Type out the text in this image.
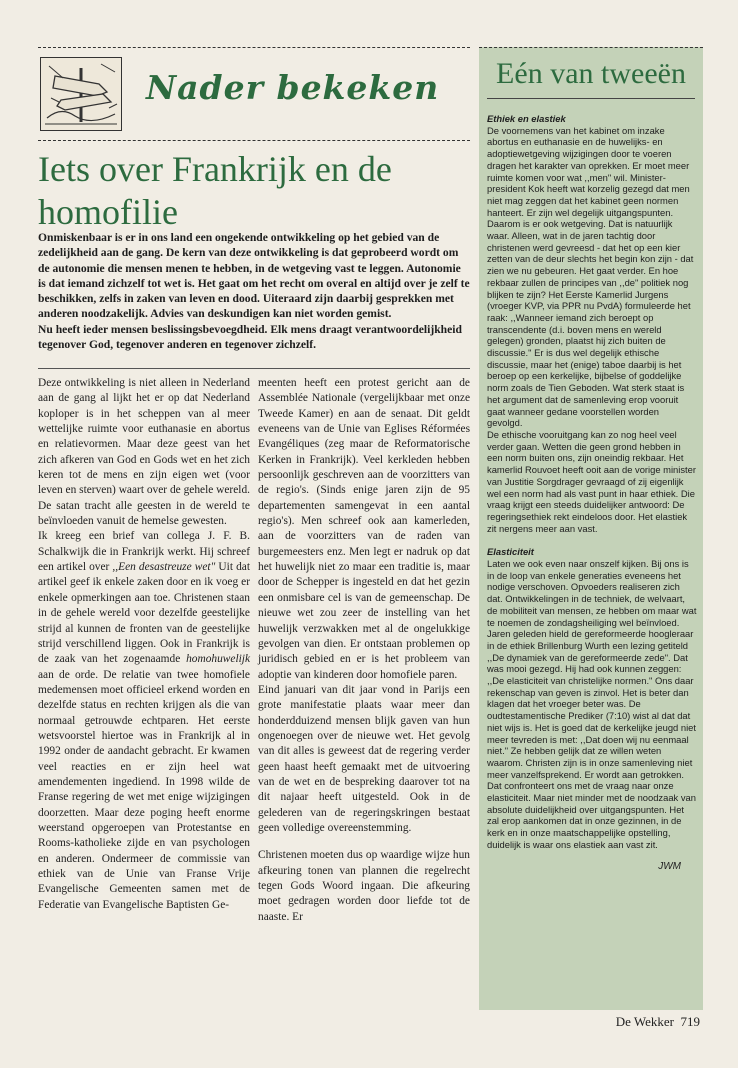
Nader bekeken
Iets over Frankrijk en de homofilie
Onmiskenbaar is er in ons land een ongekende ontwikkeling op het gebied van de zedelijkheid aan de gang. De kern van deze ontwikkeling is dat geprobeerd wordt om de autonomie die mensen menen te hebben, in de wetgeving vast te leggen. Autonomie is dat iemand zichzelf tot wet is. Het gaat om het recht om overal en altijd over je zelf te beschikken, zelfs in zaken van leven en dood. Uiteraard zijn daarbij gesprekken met anderen noodzakelijk. Advies van deskundigen kan niet worden gemist.
Nu heeft ieder mensen beslissingsbevoegdheid. Elk mens draagt verantwoordelijkheid tegenover God, tegenover anderen en tegenover zichzelf.

Deze ontwikkeling is niet alleen in Nederland aan de gang al lijkt het er op dat Nederland koploper is in het scheppen van al meer wettelijke ruimte voor euthanasie en abortus en relatievormen. Maar deze geest van het zich afkeren van God en Gods wet en het zich keren tot de mens en zijn eigen wet (voor leven en sterven) waart over de gehele wereld. De satan tracht alle geesten in de wereld te beïnvloeden vanuit de hemelse gewesten.

Ik kreeg een brief van collega J. F. B. Schalkwijk die in Frankrijk werkt. Hij schreef een artikel over ,,Een desastreuze wet" Uit dat artikel geef ik enkele zaken door en ik voeg er enkele opmerkingen aan toe. Christenen staan in de gehele wereld voor dezelfde geestelijke strijd al kunnen de fronten van de geestelijke strijd verschillend liggen. Ook in Frankrijk is de zaak van het zogenaamde homohuwelijk aan de orde. De relatie van twee homofiele medemensen moet officieel erkend worden en dezelfde status en rechten krijgen als die van normaal getrouwde echtparen. Het eerste wetsvoorstel hiertoe was in Frankrijk al in 1992 onder de aandacht gebracht. Er kwamen veel reacties en er zijn heel wat amendementen ingediend. In 1998 wilde de Franse regering de wet met enige wijzigingen doorzetten. Maar deze poging heeft enorme weerstand opgeroepen van Protestantse en Rooms-katholieke zijde en van psychologen en anderen. Ondermeer de commissie van ethiek van de Unie van Franse Vrije Evangelische Gemeenten samen met de Federatie van Evangelische Baptisten Ge-

meenten heeft een protest gericht aan de Assemblée Nationale (vergelijkbaar met onze Tweede Kamer) en aan de senaat. Dit geldt eveneens van de Unie van Eglises Réformées Evangéliques (zeg maar de Reformatorische Kerken in Frankrijk). Veel kerkleden hebben persoonlijk geschreven aan de voorzitters van de regio's. (Sinds enige jaren zijn de 95 departementen samengevat in een aantal regio's). Men schreef ook aan kamerleden, aan de voorzitters van de raden van burgemeesters enz. Men legt er nadruk op dat het huwelijk niet zo maar een traditie is, maar door de Schepper is ingesteld en dat het gezin een onmisbare cel is van de gemeenschap. De nieuwe wet zou zeer de instelling van het huwelijk verzwakken met al de ongelukkige gevolgen van dien. Er ontstaan problemen op juridisch gebied en er is het probleem van adoptie van kinderen door homofiele paren.

Eind januari van dit jaar vond in Parijs een grote manifestatie plaats waar meer dan honderdduizend mensen blijk gaven van hun ongenoegen over de nieuwe wet. Het gevolg van dit alles is geweest dat de regering verder geen haast heeft gemaakt met de uitvoering van de wet en de bespreking daarover tot na dit najaar heeft uitgesteld. Ook in de gelederen van de regeringskringen bestaat geen volledige overeenstemming.

Christenen moeten dus op waardige wijze hun afkeuring tonen van plannen die regelrecht tegen Gods Woord ingaan. Die afkeuring moet gedragen worden door liefde tot de naaste. Er

Eén van tweeën
Ethiek en elastiek

De voornemens van het kabinet om inzake abortus en euthanasie en de huwelijks- en adoptiewetgeving wijzigingen door te voeren dragen het karakter van oprekken. Er moet meer ruimte komen voor wat ,,men" wil. Minister-president Kok heeft wat korzelig gezegd dat men niet mag zeggen dat het kabinet geen normen hanteert. Er zijn wel degelijk uitgangspunten. Daarom is er ook wetgeving. Dat is natuurlijk waar. Alleen, wat in de jaren tachtig door christenen werd gevreesd - dat het op een kier zetten van de deur slechts het begin kon zijn - dat zien we nu gebeuren. Het gaat verder. En hoe rekbaar zullen de principes van ,,de" politiek nog blijken te zijn? Het Eerste Kamerlid Jurgens (vroeger KVP, via PPR nu PvdA) formuleerde het raak: ,,Wanneer iemand zich beroept op transcendente (d.i. boven mens en wereld gelegen) gronden, plaatst hij zich buiten de discussie." Er is dus wel degelijk ethische discussie, maar het (enige) taboe daarbij is het beroep op een kerkelijke, bijbelse of goddelijke norm zoals de Tien Geboden. Wat sterk staat is het argument dat de samenleving erop vooruit gaat wanneer gedane voorstellen worden gevolgd.

De ethische vooruitgang kan zo nog heel veel verder gaan. Wetten die geen grond hebben in een norm buiten ons, zijn oneindig rekbaar. Het kamerlid Rouvoet heeft ooit aan de vorige minister van Justitie Sorgdrager gevraagd of zij eigenlijk wel een norm had als vast punt in haar ethiek. Die vraag krijgt een steeds duidelijker antwoord: De regeringsethiek rekt eindeloos door. Het elastiek zit nergens meer aan vast.

Elasticiteit

Laten we ook even naar onszelf kijken. Bij ons is in de loop van enkele generaties eveneens het nodige verschoven. Opvoeders realiseren zich dat. Ontwikkelingen in de techniek, de welvaart, de mobiliteit van mensen, ze hebben om maar wat te noemen de zondagsheiliging wel beïnvloed. Jaren geleden hield de gereformeerde hoogleraar in de ethiek Brillenburg Wurth een lezing getiteld ,,De dynamiek van de gereformeerde zede". Dat was mooi gezegd. Hij had ook kunnen zeggen: ,,De elasticiteit van christelijke normen." Ons daar rekenschap van geven is zinvol. Het is beter dan klagen dat het vroeger beter was. De oudtestamentische Prediker (7:10) wist al dat dat niet wijs is. Het is goed dat de kerkelijke jeugd niet meer tevreden is met: ,,Dat doen wij nu eenmaal niet." Ze hebben gelijk dat ze willen weten waarom. Christen zijn is in onze samenleving niet meer vanzelfsprekend. Er wordt aan getrokken. Dat confronteert ons met de vraag naar onze elasticiteit. Maar niet minder met de noodzaak van absolute duidelijkheid over uitgangspunten. Het zal erop aankomen dat in onze gezinnen, in de kerk en in onze maatschappelijke opstelling, duidelijk is waar ons elastiek aan vast zit.

JWM
De Wekker 719
